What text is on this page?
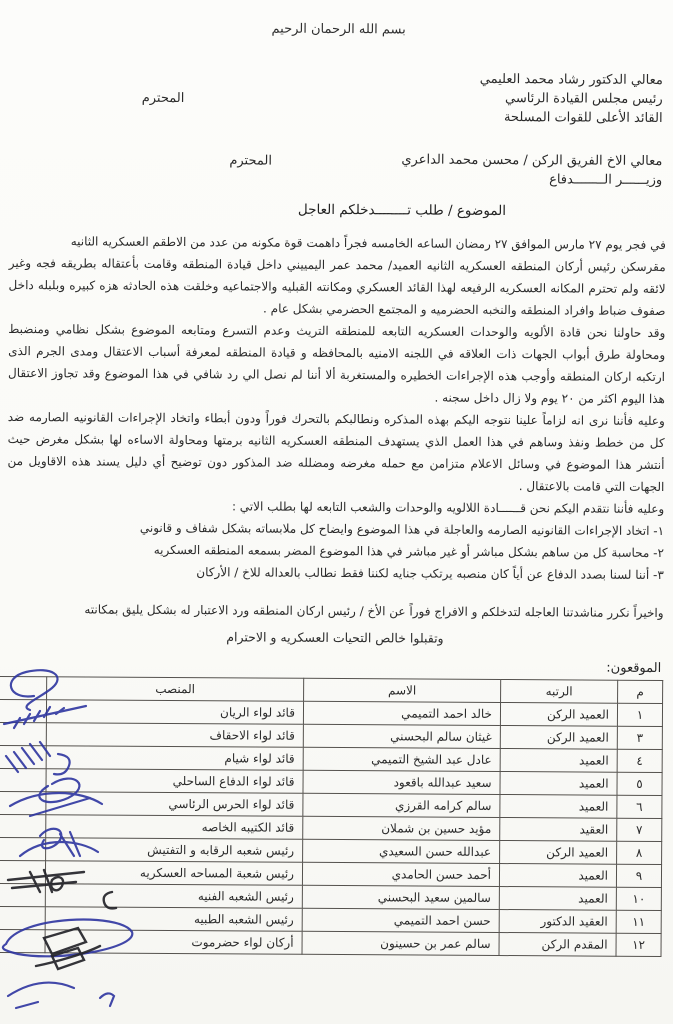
بسم الله الرحمان الرحيم
معالي الدكتور رشاد محمد العليمي
رئيس مجلس القيادة الرئاسي
القائد الأعلى للقوات المسلحة
المحترم
معالي الاخ الفريق الركن / محسن محمد الداعري
وزيــــــر الــــــــدفاع
المحترم
الموضوع / طلب تــــــــدخلكم العاجل

في فجر يوم ٢٧ مارس الموافق ٢٧ رمضان الساعه الخامسه فجراً داهمت قوة مكونه من عدد من الاطقم العسكريه الثانيه

مقرسكن رئيس أركان المنطقه العسكريه الثانيه العميد/ محمد عمر اليمييني داخل قيادة المنطقه وقامت بأعتقاله بطريقه فجه وغير لائقه ولم تحترم المكانه العسكريه الرفيعه لهذا القائد العسكري ومكانته القبليه والاجتماعيه وخلقت هذه الحادثه هزه كبيره وبلبله داخل صفوف ضباط وافراد المنطقه والنخبه الحضرميه و المجتمع الحضرمي بشكل عام .

وقد حاولنا نحن قادة الألويه والوحدات العسكريه التابعه للمنطقه التريث وعدم التسرع ومتابعه الموضوع بشكل نظامي ومنضبط ومحاولة طرق أبواب الجهات ذات العلاقه في اللجنه الامنيه بالمحافظه و قيادة المنطقه لمعرفة أسباب الاعتقال ومدى الجرم الذى ارتكبه اركان المنطقه وأوجب هذه الإجراءات الخطيره والمستغربة ألا أننا لم نصل الي رد شافي في هذا الموضوع وقد تجاوز الاعتقال هذا اليوم اكثر من ٢٠ يوم ولا زال داخل سجنه .

وعليه فأننا نرى انه لزاماً علينا نتوجه اليكم بهذه المذكره ونطالبكم بالتحرك فوراً ودون أبطاء واتخاد الإجراءات القانونيه الصارمه ضد كل من خطط ونفذ وساهم في هذا العمل الذي يستهدف المنطقه العسكريه الثانيه برمتها ومحاولة الاساءه لها بشكل مغرض حيث أنتشر هذا الموضوع في وسائل الاعلام متزامن مع حمله مغرضه ومضلله ضد المذكور دون توضيح أي دليل يسند هذه الاقاويل من الجهات التي قامت بالاعتقال .

وعليه فأننا نتقدم اليكم نحن قــــــادة اللالويه والوحدات والشعب التابعه لها بطلب الاتي :

١- اتخاد الإجراءات القانونيه الصارمه والعاجلة في هذا الموضوع وايضاح كل ملابساته بشكل شفاف و قانوني

٢- محاسبة كل من ساهم بشكل مباشر أو غير مباشر في هذا الموضوع المضر بسمعه المنطقه العسكريه

٣- أننا لسنا بصدد الدفاع عن أياً كان منصبه يرتكب جنايه لكننا فقط نطالب بالعداله للاخ / الأركان

واخيراً نكرر مناشدتنا العاجله لتدخلكم و الافراج فوراً عن الأخ / رئيس اركان المنطقه ورد الاعتبار له بشكل يليق بمكانته

وتقبلوا خالص التحيات العسكريه و الاحترام
الموقعون:
م	الرتبه	الاسم	المنصب	
١	العميد الركن	خالد احمد التميمي	قائد لواء الريان	
٣	العميد الركن	غيثان سالم البحسني	قائد لواء الاحقاف	
٤	العميد	عادل عبد الشيخ التميمي	قائد لواء شيام	
٥	العميد	سعيد عبدالله باقعود	قائد لواء الدفاع الساحلي	
٦	العميد	سالم كرامه القرزي	قائد لواء الحرس الرئاسي	
٧	العقيد	مؤيد حسين بن شملان	قائد الكتيبه الخاصه	
٨	العميد الركن	عبدالله حسن السعيدي	رئيس شعبه الرقابه و التفتيش	
٩	العميد	أحمد حسن الحامدي	رئيس شعبة المساحه العسكريه	
١٠	العميد	سالمين سعيد البحسني	رئيس الشعبه الفنيه	
١١	العقيد الدكتور	حسن احمد التميمي	رئيس الشعبه الطبيه	
١٢	المقدم الركن	سالم عمر بن حسينون	أركان لواء حضرموت	
